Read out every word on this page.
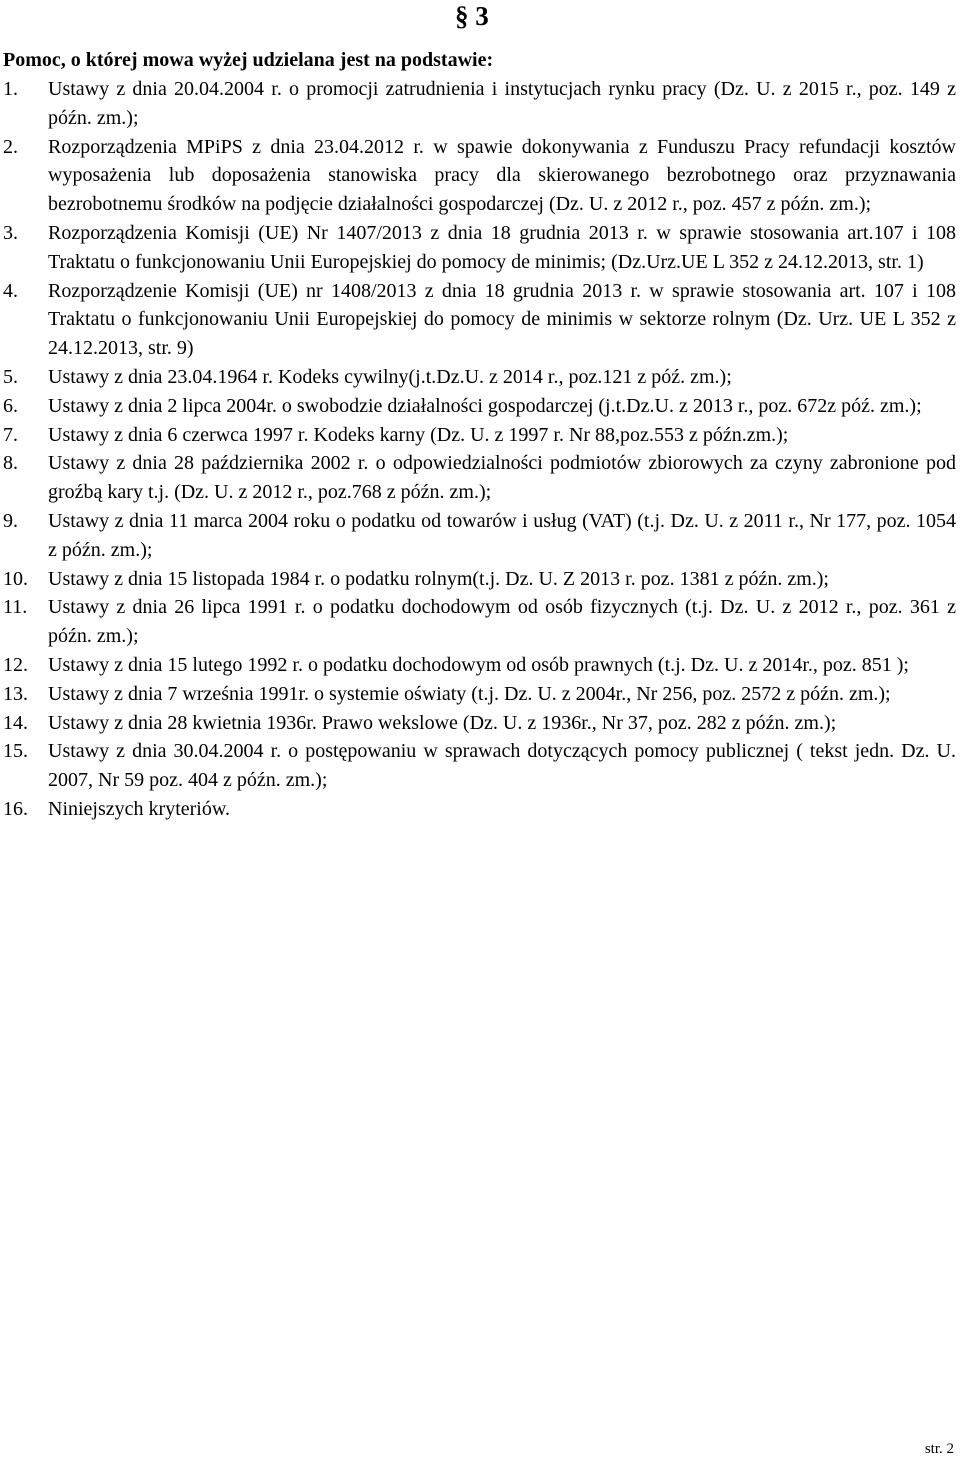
§ 3
Pomoc, o której mowa wyżej udzielana jest na podstawie:
1. Ustawy z dnia 20.04.2004 r. o promocji zatrudnienia i instytucjach rynku pracy (Dz. U. z 2015 r., poz. 149 z późn. zm.);
2. Rozporządzenia MPiPS z dnia 23.04.2012 r. w spawie dokonywania z Funduszu Pracy refundacji kosztów wyposażenia lub doposażenia stanowiska pracy dla skierowanego bezrobotnego oraz przyznawania bezrobotnemu środków na podjęcie działalności gospodarczej (Dz. U. z 2012 r., poz. 457 z późn. zm.);
3. Rozporządzenia Komisji (UE) Nr 1407/2013 z dnia 18 grudnia 2013 r. w sprawie stosowania art.107 i 108 Traktatu o funkcjonowaniu Unii Europejskiej do pomocy de minimis; (Dz.Urz.UE L 352 z 24.12.2013, str. 1)
4. Rozporządzenie Komisji (UE) nr 1408/2013 z dnia 18 grudnia 2013 r. w sprawie stosowania art. 107 i 108 Traktatu o funkcjonowaniu Unii Europejskiej do pomocy de minimis w sektorze rolnym (Dz. Urz. UE L 352 z 24.12.2013, str. 9)
5. Ustawy z dnia 23.04.1964 r. Kodeks cywilny(j.t.Dz.U. z 2014 r., poz.121 z póź. zm.);
6. Ustawy z dnia 2 lipca 2004r. o swobodzie działalności gospodarczej (j.t.Dz.U. z 2013 r., poz. 672z póź. zm.);
7. Ustawy z dnia 6 czerwca 1997 r. Kodeks karny (Dz. U. z 1997 r. Nr 88,poz.553 z późn.zm.);
8. Ustawy z dnia 28 października 2002 r. o odpowiedzialności podmiotów zbiorowych za czyny zabronione pod groźbą kary t.j. (Dz. U. z 2012 r., poz.768 z późn. zm.);
9. Ustawy z dnia 11 marca 2004 roku o podatku od towarów i usług (VAT) (t.j. Dz. U. z 2011 r., Nr 177, poz. 1054 z późn. zm.);
10. Ustawy z dnia 15 listopada 1984 r. o podatku rolnym(t.j. Dz. U. Z 2013 r. poz. 1381 z późn. zm.);
11. Ustawy z dnia 26 lipca 1991 r. o podatku dochodowym od osób fizycznych (t.j. Dz. U. z 2012 r., poz. 361 z późn. zm.);
12. Ustawy z dnia 15 lutego 1992 r. o podatku dochodowym od osób prawnych (t.j. Dz. U. z 2014r., poz. 851 );
13. Ustawy z dnia 7 września 1991r. o systemie oświaty (t.j. Dz. U. z 2004r., Nr 256, poz. 2572 z późn. zm.);
14. Ustawy z dnia 28 kwietnia 1936r. Prawo wekslowe (Dz. U. z 1936r., Nr 37, poz. 282 z późn. zm.);
15. Ustawy z dnia 30.04.2004 r. o postępowaniu w sprawach dotyczących pomocy publicznej ( tekst jedn. Dz. U. 2007, Nr 59 poz. 404 z późn. zm.);
16. Niniejszych kryteriów.
str. 2
